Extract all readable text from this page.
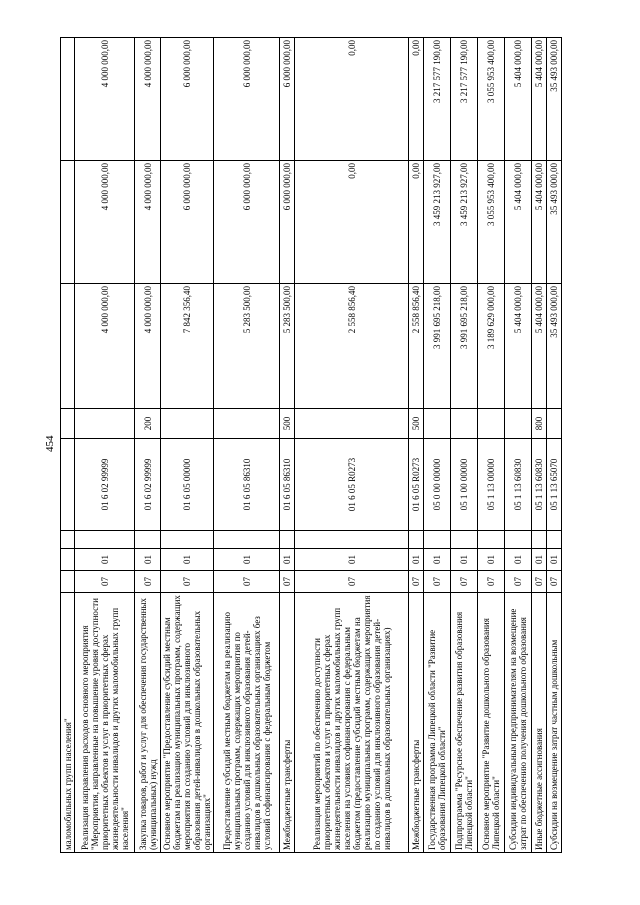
454
маломобильных групп населения"								
Реализация направления расходов основного мероприятия "Мероприятия, направленные на повышение уровня доступности приоритетных объектов и услуг в приоритетных сферах жизнедеятельности инвалидов и других маломобильных групп населения"	07	01		01 6 02 99999		4 000 000,00	4 000 000,00	4 000 000,00
Закупка товаров, работ и услуг для обеспечения государственных (муниципальных) нужд	07	01		01 6 02 99999	200	4 000 000,00	4 000 000,00	4 000 000,00
Основное мероприятие "Предоставление субсидий местным бюджетам на реализацию муниципальных программ, содержащих мероприятия по созданию условий для инклюзивного образования детей-инвалидов в дошкольных образовательных организациях"	07	01		01 6 05 00000		7 842 356,40	6 000 000,00	6 000 000,00
Предоставление субсидий местным бюджетам на реализацию муниципальных программ, содержащих мероприятия по созданию условий для инклюзивного образования детей-инвалидов в дошкольных образовательных организациях без условий софинансирования с федеральным бюджетом	07	01		01 6 05 86310		5 283 500,00	6 000 000,00	6 000 000,00
Межбюджетные трансферты	07	01		01 6 05 86310	500	5 283 500,00	6 000 000,00	6 000 000,00
Реализация мероприятий по обеспечению доступности приоритетных объектов и услуг в приоритетных сферах жизнедеятельности инвалидов и других маломобильных групп населения на условиях софинансирования с федеральным бюджетом (предоставление субсидий местным бюджетам на реализацию муниципальных программ, содержащих мероприятия по созданию условий для инклюзивного образования детей-инвалидов в дошкольных образовательных организациях)	07	01		01 6 05 R0273		2 558 856,40	0,00	0,00
Межбюджетные трансферты	07	01		01 6 05 R0273	500	2 558 856,40	0,00	0,00
Государственная программа Липецкой области "Развитие образования Липецкой области"	07	01		05 0 00 00000		3 991 695 218,00	3 459 213 927,00	3 217 577 190,00
Подпрограмма "Ресурсное обеспечение развития образования Липецкой области"	07	01		05 1 00 00000		3 991 695 218,00	3 459 213 927,00	3 217 577 190,00
Основное мероприятие "Развитие дошкольного образования Липецкой области"	07	01		05 1 13 00000		3 189 629 000,00	3 055 953 400,00	3 055 953 400,00
Субсидии индивидуальным предпринимателям на возмещение затрат по обеспечению получения дошкольного образования	07	01		05 1 13 60830		5 404 000,00	5 404 000,00	5 404 000,00
Иные бюджетные ассигнования	07	01		05 1 13 60830	800	5 404 000,00	5 404 000,00	5 404 000,00
Субсидии на возмещение затрат частным дошкольным	07	01		05 1 13 65070		35 493 000,00	35 493 000,00	35 493 000,00
